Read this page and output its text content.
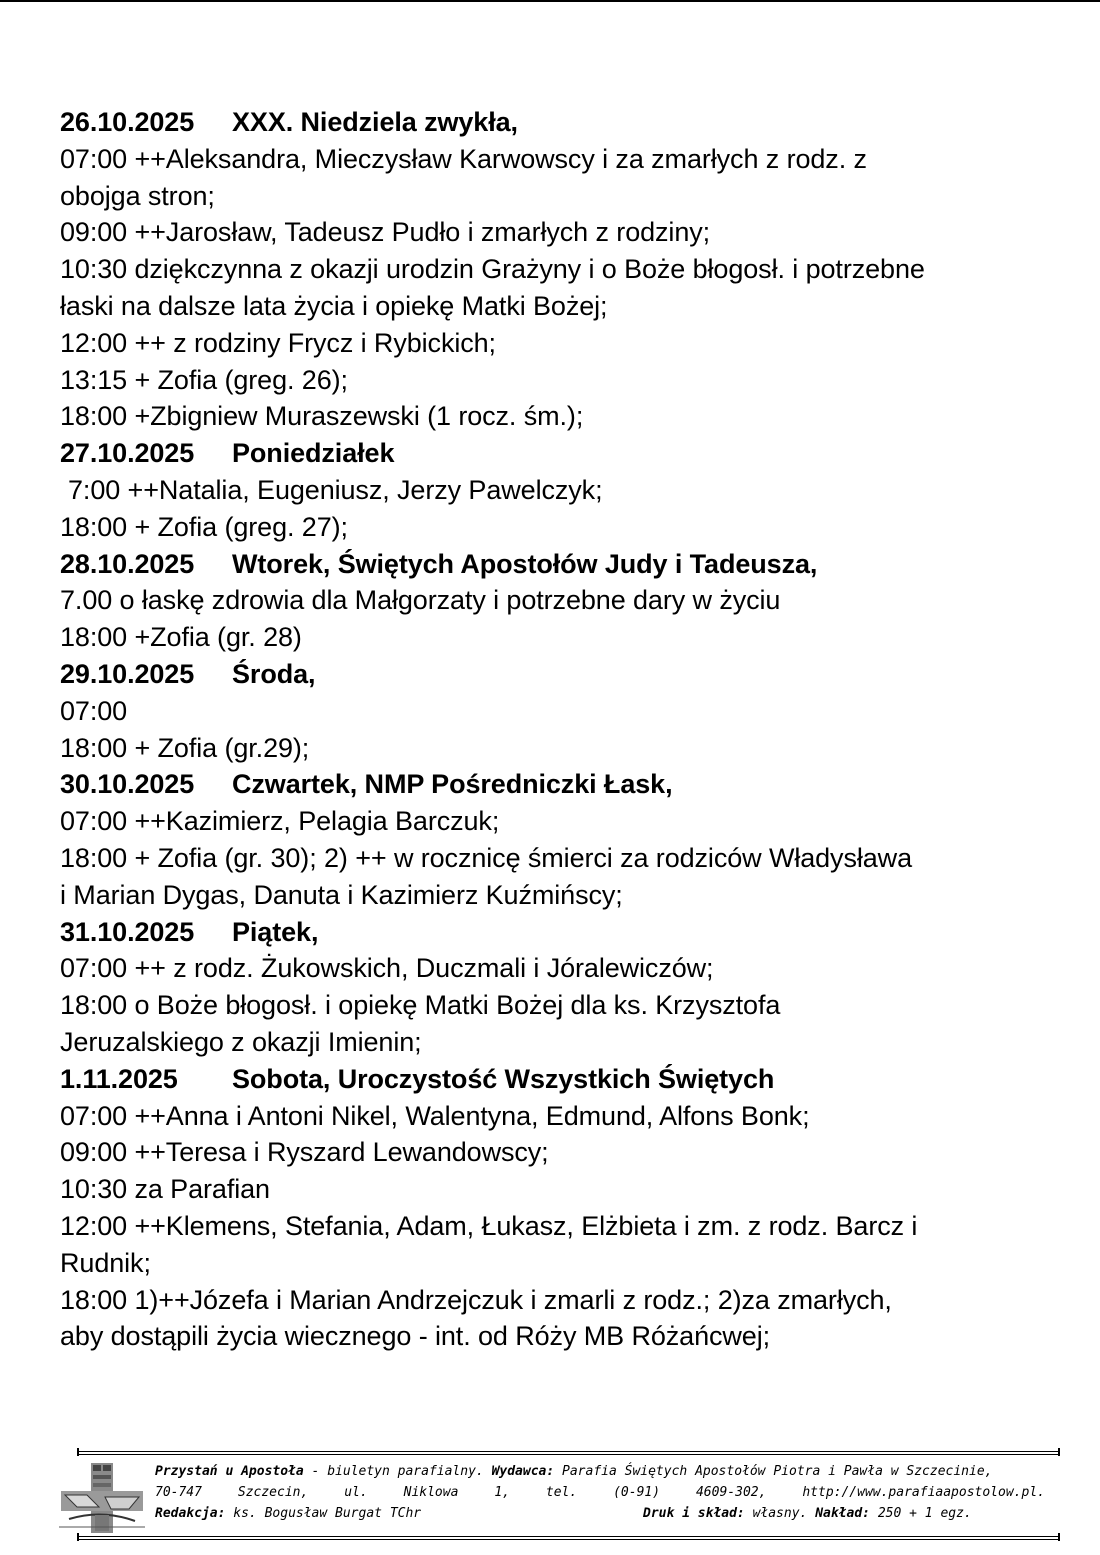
26.10.2025 XXX. Niedziela zwykła,
07:00 ++Aleksandra, Mieczysław Karwowscy i za zmarłych z rodz. z
obojga stron;
09:00 ++Jarosław, Tadeusz Pudło i zmarłych z rodziny;
10:30 dziękczynna z okazji urodzin Grażyny i o Boże błogosł. i potrzebne
łaski na dalsze lata życia i opiekę Matki Bożej;
12:00 ++ z rodziny Frycz i Rybickich;
13:15 + Zofia (greg. 26);
18:00 +Zbigniew Muraszewski (1 rocz. śm.);
27.10.2025 Poniedziałek
7:00 ++Natalia, Eugeniusz, Jerzy Pawelczyk;
18:00 + Zofia (greg. 27);
28.10.2025 Wtorek, Świętych Apostołów Judy i Tadeusza,
7.00 o łaskę zdrowia dla Małgorzaty i potrzebne dary w życiu
18:00 +Zofia (gr. 28)
29.10.2025 Środa,
07:00
18:00 + Zofia (gr.29);
30.10.2025 Czwartek, NMP Pośredniczki Łask,
07:00 ++Kazimierz, Pelagia Barczuk;
18:00 + Zofia (gr. 30); 2) ++ w rocznicę śmierci za rodziców Władysława
i Marian Dygas, Danuta i Kazimierz Kuźmińscy;
31.10.2025 Piątek,
07:00 ++ z rodz. Żukowskich, Duczmali i Jóralewiczów;
18:00 o Boże błogosł. i opiekę Matki Bożej dla ks. Krzysztofa
Jeruzalskiego z okazji Imienin;
1.11.2025 Sobota, Uroczystość Wszystkich Świętych
07:00 ++Anna i Antoni Nikel, Walentyna, Edmund, Alfons Bonk;
09:00 ++Teresa i Ryszard Lewandowscy;
10:30 za Parafian
12:00 ++Klemens, Stefania, Adam, Łukasz, Elżbieta i zm. z rodz. Barcz i
Rudnik;
18:00 1)++Józefa i Marian Andrzejczuk i zmarli z rodz.; 2)za zmarłych,
aby dostąpili życia wiecznego - int. od Róży MB Różańcwej;
Przystań u Apostoła - biuletyn parafialny. Wydawca: Parafia Świętych Apostołów Piotra i Pawła w Szczecinie,
70-747	Szczecin,	ul.	Niklowa	1,	tel.	(0-91)	4609-302,	http://www.parafiaapostolow.pl.
Redakcja: ks. Bogusław Burgat TChr	Druk i skład: własny. Nakład: 250 + 1 egz.
